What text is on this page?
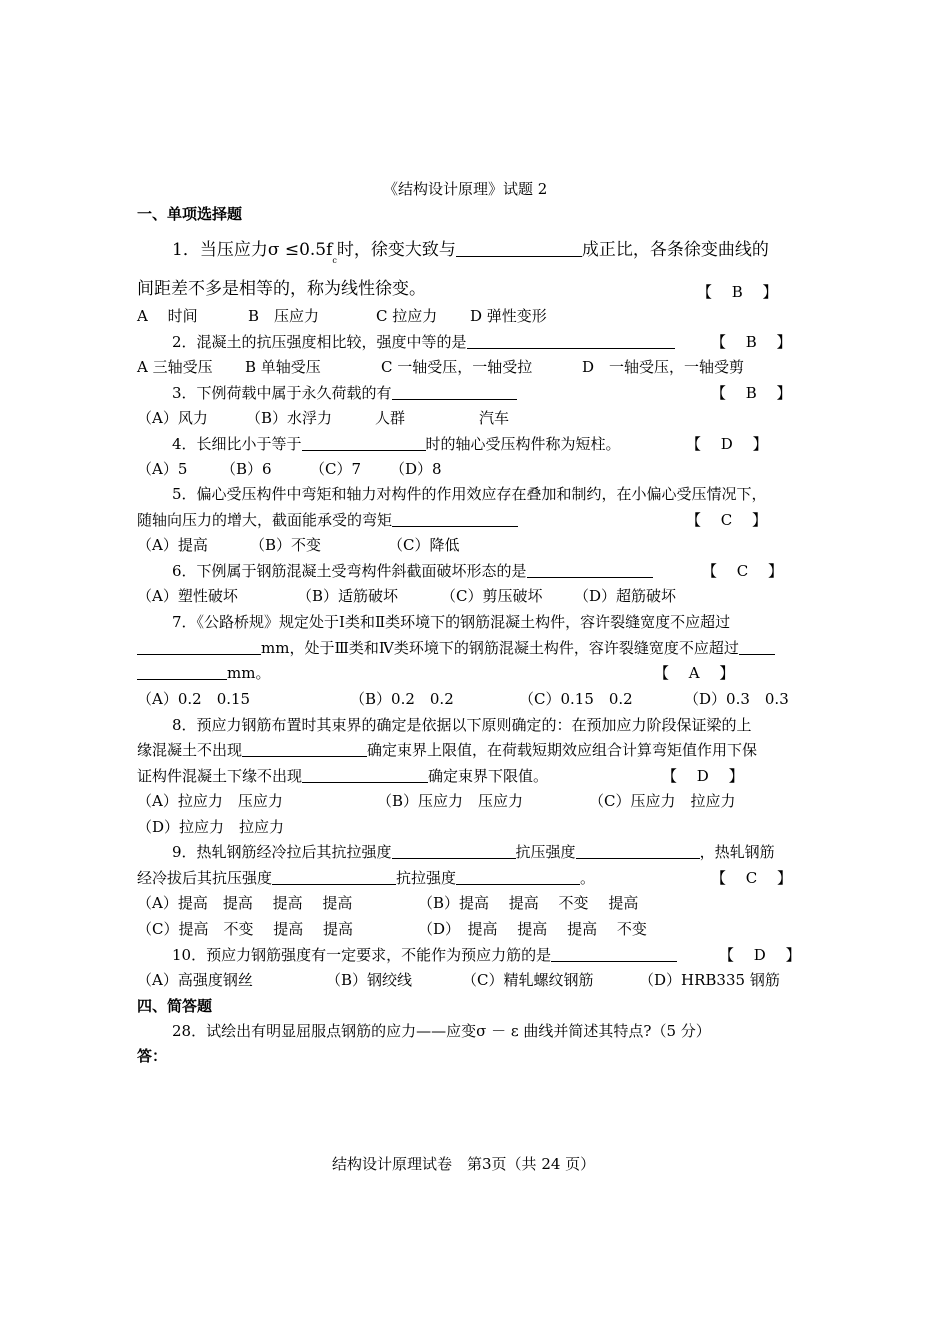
《结构设计原理》试题 2
一、单项选择题
1．当压应力$\sigma \le 0.5f_c$时，徐变大致与	成正比，各条徐变曲线的
间距差不多是相等的，称为线性徐变。	【　 B　 】
A　 时间	B　压应力	C 拉应力 D 弹性变形
2．混凝土的抗压强度相比较，强度中等的是	【　 B　 】
A 三轴受压 B 单轴受压	C 一轴受压，一轴受拉	D　一轴受压，一轴受剪
3．下例荷载中属于永久荷载的有	【　 B　 】
（A）风力	（B）水浮力	人群	汽车
4．长细比小于等于	时的轴心受压构件称为短柱。	【　 D　 】
（A）5 （B）6	（C）7 （D）8
5．偏心受压构件中弯矩和轴力对构件的作用效应存在叠加和制约，在小偏心受压情况下，
随轴向压力的增大，截面能承受的弯矩	【　 C　 】
（A）提高	（B）不变	（C）降低
6．下例属于钢筋混凝土受弯构件斜截面破坏形态的是	【　 C　 】
（A）塑性破坏	（B）适筋破坏	（C）剪压破坏 （D）超筋破坏
7．《公路桥规》规定处于Ⅰ类和Ⅱ类环境下的钢筋混凝土构件，容许裂缝宽度不应超过
mm，处于Ⅲ类和Ⅳ类环境下的钢筋混凝土构件，容许裂缝宽度不应超过
mm。	【　 A　 】
（A）0.2　0.15	（B）0.2　0.2	（C）0.15　0.2	（D）0.3　0.3
8．预应力钢筋布置时其束界的确定是依据以下原则确定的：在预加应力阶段保证梁的上
缘混凝土不出现	确定束界上限值，在荷载短期效应组合计算弯矩值作用下保
证构件混凝土下缘不出现	确定束界下限值。	【　 D　 】
（A）拉应力　压应力	（B）压应力　压应力	（C）压应力　拉应力
（D）拉应力　拉应力
9．热轧钢筋经冷拉后其抗拉强度	抗压强度	，热轧钢筋
经冷拔后其抗压强度	抗拉强度	。	【　 C　 】
（A）提高　提高　 提高　 提高	（B）提高　 提高　 不变　 提高
（C）提高　不变　 提高　 提高	（D）　提高　 提高　 提高　 不变
10．预应力钢筋强度有一定要求，不能作为预应力筋的是	【　 D　 】
（A）高强度钢丝	（B）钢绞线	（C）精轧螺纹钢筋	（D）HRB335 钢筋
四、简答题
28．试绘出有明显屈服点钢筋的应力——应变σ － ε 曲线并简述其特点?（5 分）
答：
结构设计原理试卷　第3页（共 24 页）
